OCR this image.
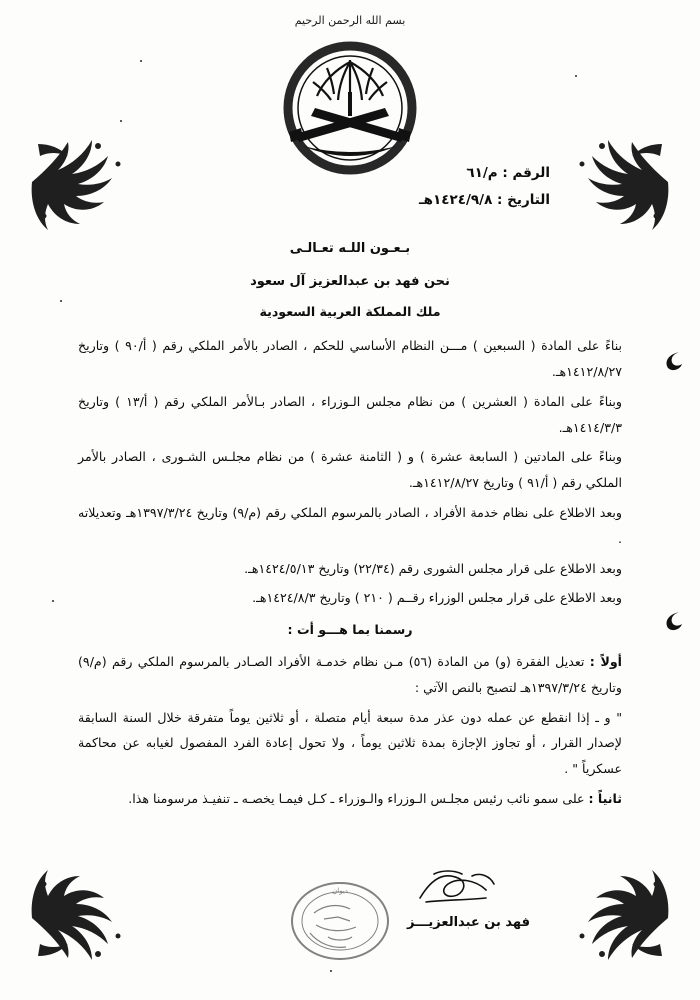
بسم الله الرحمن الرحيم
الرقم : م/٦١
التاريخ : ١٤٢٤/٩/٨هـ
بـعـون اللـه تعـالـى
نحن فهد بن عبدالعزيز آل سعود
ملك المملكة العربية السعودية

بناءً على المادة ( السبعين ) مـــن النظام الأساسي للحكم ، الصادر بالأمر الملكي رقم ( أ/٩٠ ) وتاريخ ١٤١٢/٨/٢٧هـ.

وبناءً على المادة ( العشرين ) من نظام مجلس الـوزراء ، الصادر بـالأمر الملكي رقم ( أ/١٣ ) وتاريخ ١٤١٤/٣/٣هـ.

وبناءً على المادتين ( السابعة عشرة ) و ( الثامنة عشرة ) من نظام مجلـس الشـورى ، الصادر بالأمر الملكي رقم ( أ/٩١ ) وتاريخ ١٤١٢/٨/٢٧هـ.

وبعد الاطلاع على نظام خدمة الأفراد ، الصادر بالمرسوم الملكي رقم (م/٩) وتاريخ ١٣٩٧/٣/٢٤هـ وتعديلاته .

وبعد الاطلاع على قرار مجلس الشورى رقم (٢٢/٣٤) وتاريخ ١٤٢٤/٥/١٣هـ.

وبعد الاطلاع على قرار مجلس الوزراء رقــم ( ٢١٠ ) وتاريخ ١٤٢٤/٨/٣هـ.

رسمنا بما هـــو أت :

أولاً : تعديل الفقرة (و) من المادة (٥٦) مـن نظام خدمـة الأفراد الصـادر بالمرسوم الملكي رقم (م/٩) وتاريخ ١٣٩٧/٣/٢٤هـ لتصبح بالنص الآتي :

" و ـ إذا انقطع عن عمله دون عذر مدة سبعة أيام متصلة ، أو ثلاثين يوماً متفرقة خلال السنة السابقة لإصدار القرار ، أو تجاوز الإجازة بمدة ثلاثين يوماً ، ولا تحول إعادة الفرد المفصول لغيابه عن محاكمة عسكرياً " .

ثانياً : على سمو نائب رئيس مجلـس الـوزراء والـوزراء ـ كـل فيمـا يخصـه ـ تنفيـذ مرسومنا هذا.

فهد بن عبدالعزيـــز
ديوان
